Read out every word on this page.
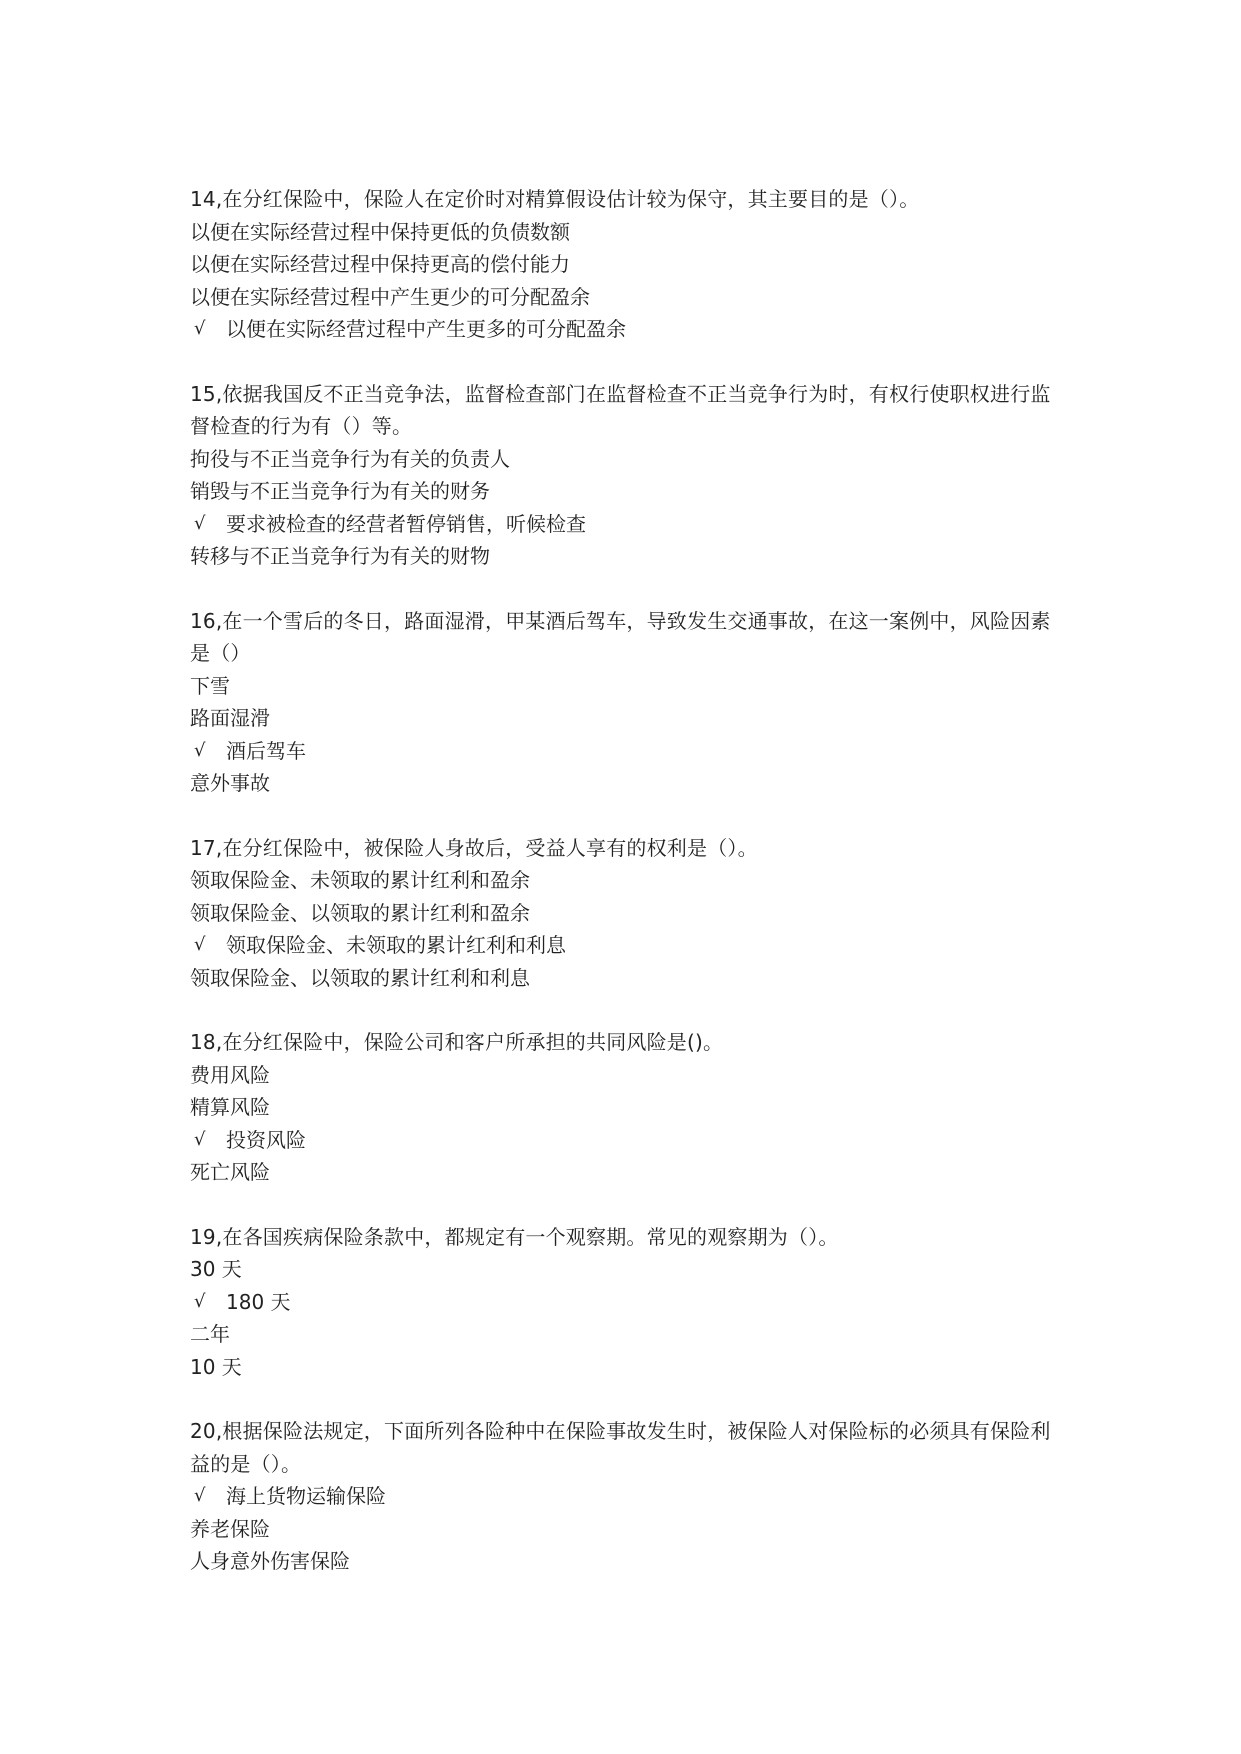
14,在分红保险中，保险人在定价时对精算假设估计较为保守，其主要目的是（）。

以便在实际经营过程中保持更低的负债数额
以便在实际经营过程中保持更高的偿付能力
以便在实际经营过程中产生更少的可分配盈余
√	以便在实际经营过程中产生更多的可分配盈余

15,依据我国反不正当竞争法，监督检查部门在监督检查不正当竞争行为时，有权行使职权进行监督检查的行为有（）等。

拘役与不正当竞争行为有关的负责人
销毁与不正当竞争行为有关的财务
√	要求被检查的经营者暂停销售，听候检查
转移与不正当竞争行为有关的财物

16,在一个雪后的冬日，路面湿滑，甲某酒后驾车，导致发生交通事故，在这一案例中，风险因素是（）

下雪
路面湿滑
√	酒后驾车
意外事故

17,在分红保险中，被保险人身故后，受益人享有的权利是（）。

领取保险金、未领取的累计红利和盈余
领取保险金、以领取的累计红利和盈余
√	领取保险金、未领取的累计红利和利息
领取保险金、以领取的累计红利和利息

18,在分红保险中，保险公司和客户所承担的共同风险是()。

费用风险
精算风险
√	投资风险
死亡风险

19,在各国疾病保险条款中，都规定有一个观察期。常见的观察期为（）。

30 天
√	180 天
二年
10 天

20,根据保险法规定，下面所列各险种中在保险事故发生时，被保险人对保险标的必须具有保险利益的是（）。

√	海上货物运输保险
养老保险
人身意外伤害保险
